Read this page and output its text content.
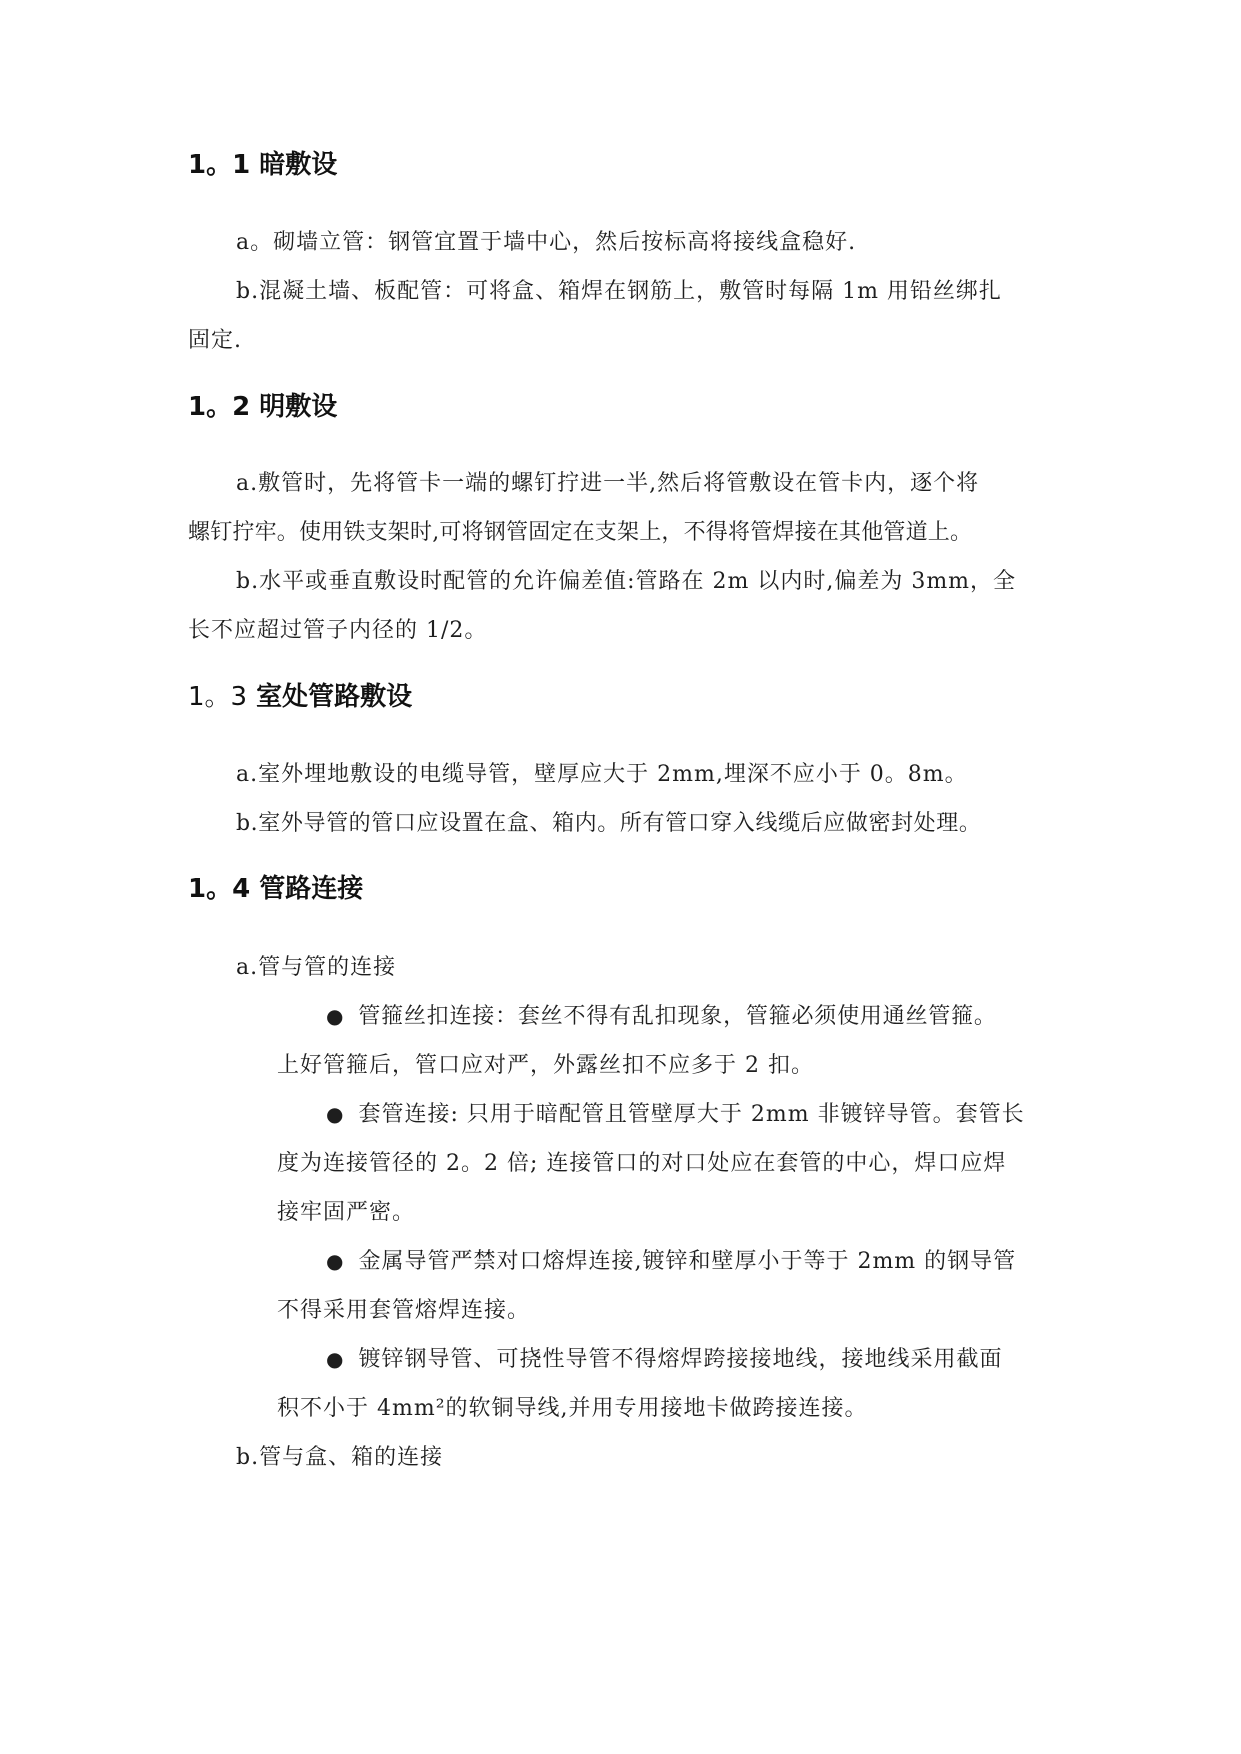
1。1 暗敷设
a。砌墙立管：钢管宜置于墙中心，然后按标高将接线盒稳好.
b.混凝土墙、板配管：可将盒、箱焊在钢筋上，敷管时每隔 1m 用铅丝绑扎
固定.
1。2 明敷设
a.敷管时，先将管卡一端的螺钉拧进一半,然后将管敷设在管卡内，逐个将
螺钉拧牢。使用铁支架时,可将钢管固定在支架上，不得将管焊接在其他管道上。
b.水平或垂直敷设时配管的允许偏差值:管路在 2m 以内时,偏差为 3mm，全
长不应超过管子内径的 1/2。
1。3 室处管路敷设
a.室外埋地敷设的电缆导管，壁厚应大于 2mm,埋深不应小于 0。8m。
b.室外导管的管口应设置在盒、箱内。所有管口穿入线缆后应做密封处理。
1。4 管路连接
a.管与管的连接
● 管箍丝扣连接：套丝不得有乱扣现象，管箍必须使用通丝管箍。
上好管箍后，管口应对严，外露丝扣不应多于 2 扣。
● 套管连接: 只用于暗配管且管壁厚大于 2mm 非镀锌导管。套管长
度为连接管径的 2。2 倍; 连接管口的对口处应在套管的中心，焊口应焊
接牢固严密。
● 金属导管严禁对口熔焊连接,镀锌和壁厚小于等于 2mm 的钢导管
不得采用套管熔焊连接。
● 镀锌钢导管、可挠性导管不得熔焊跨接接地线，接地线采用截面
积不小于 4mm²的软铜导线,并用专用接地卡做跨接连接。
b.管与盒、箱的连接
